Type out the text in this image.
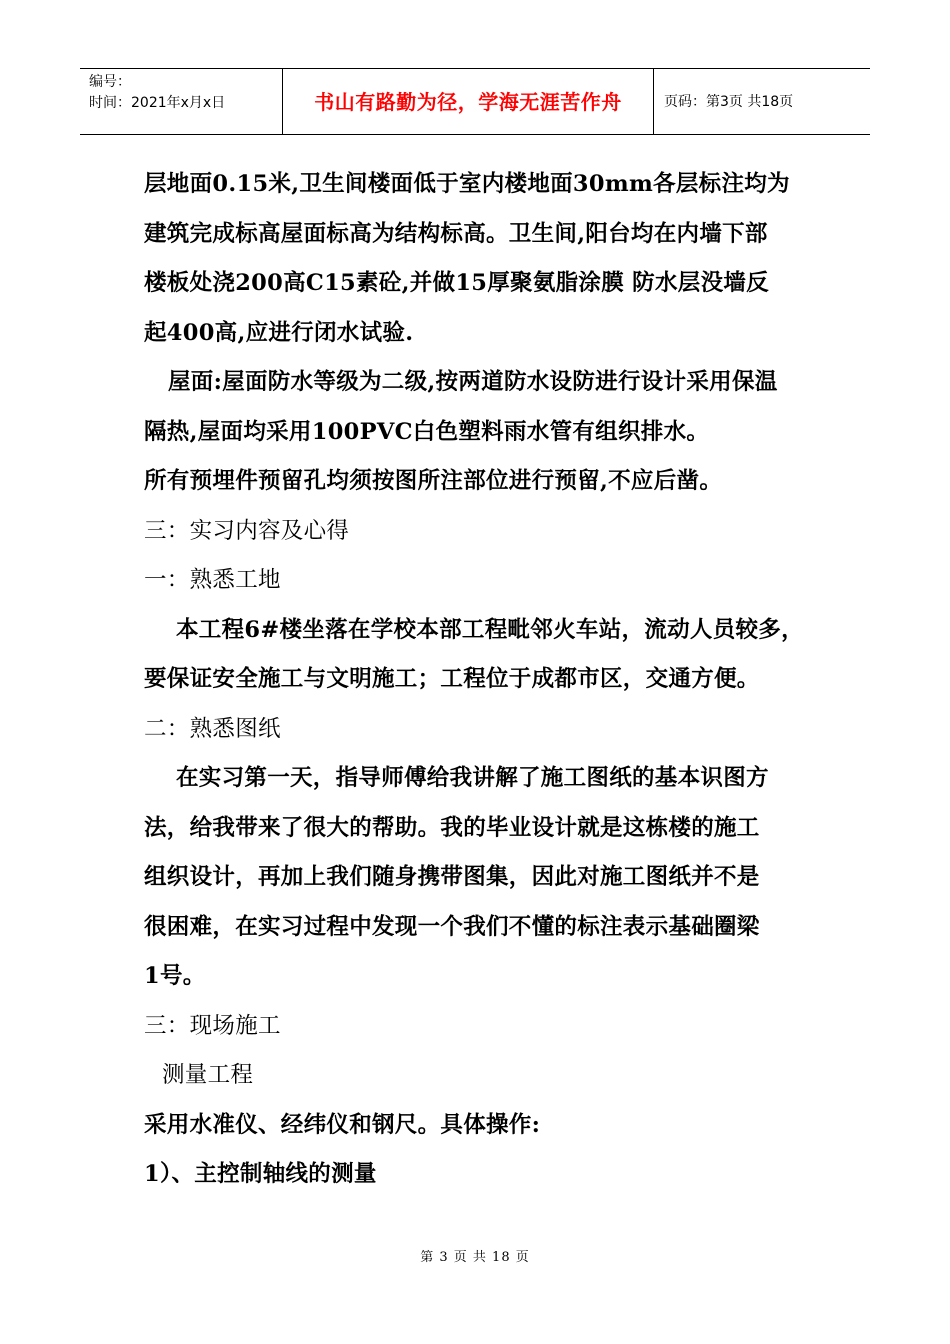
编号：
时间：2021年x月x日	书山有路勤为径，学海无涯苦作舟	页码：第3页 共18页
层地面0.15米,卫生间楼面低于室内楼地面30mm各层标注均为
建筑完成标高屋面标高为结构标高。卫生间,阳台均在内墙下部
楼板处浇200高C15素砼,并做15厚聚氨脂涂膜 防水层没墙反
起400高,应进行闭水试验.
屋面:屋面防水等级为二级,按两道防水设防进行设计采用保温
隔热,屋面均采用100PVC白色塑料雨水管有组织排水。
所有预埋件预留孔均须按图所注部位进行预留,不应后凿。
三：实习内容及心得
一：熟悉工地
本工程6#楼坐落在学校本部工程毗邻火车站，流动人员较多，
要保证安全施工与文明施工；工程位于成都市区，交通方便。
二：熟悉图纸
在实习第一天，指导师傅给我讲解了施工图纸的基本识图方
法，给我带来了很大的帮助。我的毕业设计就是这栋楼的施工
组织设计，再加上我们随身携带图集，因此对施工图纸并不是
很困难，在实习过程中发现一个我们不懂的标注表示基础圈梁
1号。
三：现场施工
测量工程
采用水准仪、经纬仪和钢尺。具体操作:
1）、主控制轴线的测量
第 3 页 共 18 页
